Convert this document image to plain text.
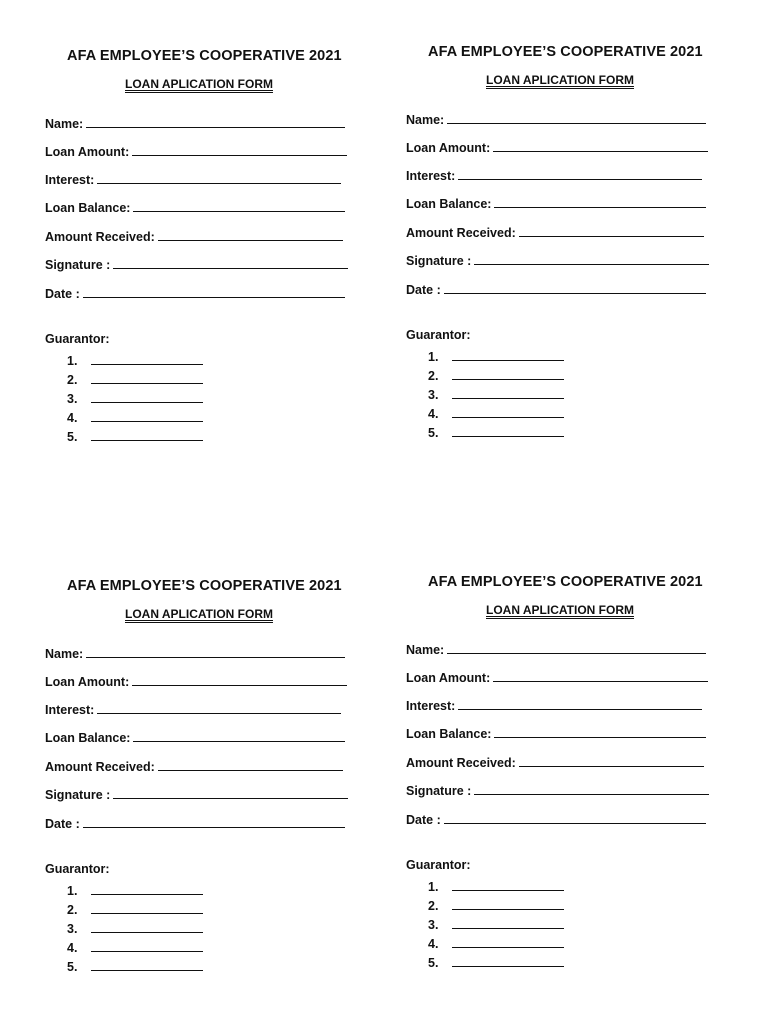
AFA EMPLOYEE’S COOPERATIVE 2021
LOAN APLICATION FORM
Name:
Loan Amount:
Interest:
Loan Balance:
Amount Received:
Signature :
Date :
Guarantor:
1.
2.
3.
4.
5.
AFA EMPLOYEE’S COOPERATIVE 2021
LOAN APLICATION FORM
Name:
Loan Amount:
Interest:
Loan Balance:
Amount Received:
Signature :
Date :
Guarantor:
1.
2.
3.
4.
5.
AFA EMPLOYEE’S COOPERATIVE 2021
LOAN APLICATION FORM
Name:
Loan Amount:
Interest:
Loan Balance:
Amount Received:
Signature :
Date :
Guarantor:
1.
2.
3.
4.
5.
AFA EMPLOYEE’S COOPERATIVE 2021
LOAN APLICATION FORM
Name:
Loan Amount:
Interest:
Loan Balance:
Amount Received:
Signature :
Date :
Guarantor:
1.
2.
3.
4.
5.
